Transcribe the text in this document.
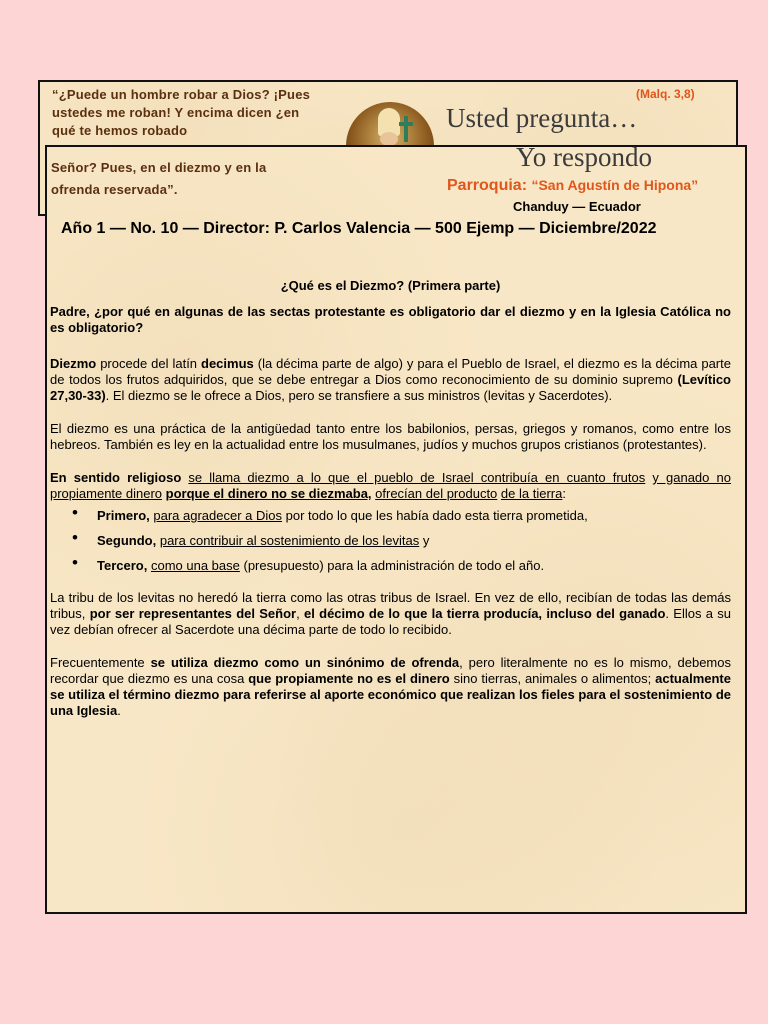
“¿Puede un hombre robar a Dios? ¡Pues ustedes me roban! Y encima dicen ¿en qué te hemos robado
(Malq. 3,8)
Usted pregunta…
Señor? Pues, en el diezmo y en la ofrenda reservada”.
Yo respondo
Parroquia: “San Agustín de Hipona”
Chanduy — Ecuador
Año 1 — No. 10 — Director: P. Carlos Valencia — 500 Ejemp — Diciembre/2022

¿Qué es el Diezmo? (Primera parte)

Padre, ¿por qué en algunas de las sectas protestante es obligatorio dar el diezmo y en la Iglesia Católica no es obligatorio?

Diezmo procede del latín decimus (la décima parte de algo) y para el Pueblo de Israel, el diezmo es la décima parte de todos los frutos adquiridos, que se debe entregar a Dios como reconocimiento de su dominio supremo (Levítico 27,30-33). El diezmo se le ofrece a Dios, pero se transfiere a sus ministros (levitas y Sacerdotes).

El diezmo es una práctica de la antigüedad tanto entre los babilonios, persas, griegos y romanos, como entre los hebreos. También es ley en la actualidad entre los musulmanes, judíos y muchos grupos cristianos (protestantes).

En sentido religioso se llama diezmo a lo que el pueblo de Israel contribuía en cuanto frutos y ganado no propiamente dinero porque el dinero no se diezmaba, ofrecían del producto de la tierra:

• Primero, para agradecer a Dios por todo lo que les había dado esta tierra prometida,
• Segundo, para contribuir al sostenimiento de los levitas y
• Tercero, como una base (presupuesto) para la administración de todo el año.

La tribu de los levitas no heredó la tierra como las otras tribus de Israel. En vez de ello, recibían de todas las demás tribus, por ser representantes del Señor, el décimo de lo que la tierra producía, incluso del ganado. Ellos a su vez debían ofrecer al Sacerdote una décima parte de todo lo recibido.

Frecuentemente se utiliza diezmo como un sinónimo de ofrenda, pero literalmente no es lo mismo, debemos recordar que diezmo es una cosa que propiamente no es el dinero sino tierras, animales o alimentos; actualmente se utiliza el término diezmo para referirse al aporte económico que realizan los fieles para el sostenimiento de una Iglesia.
